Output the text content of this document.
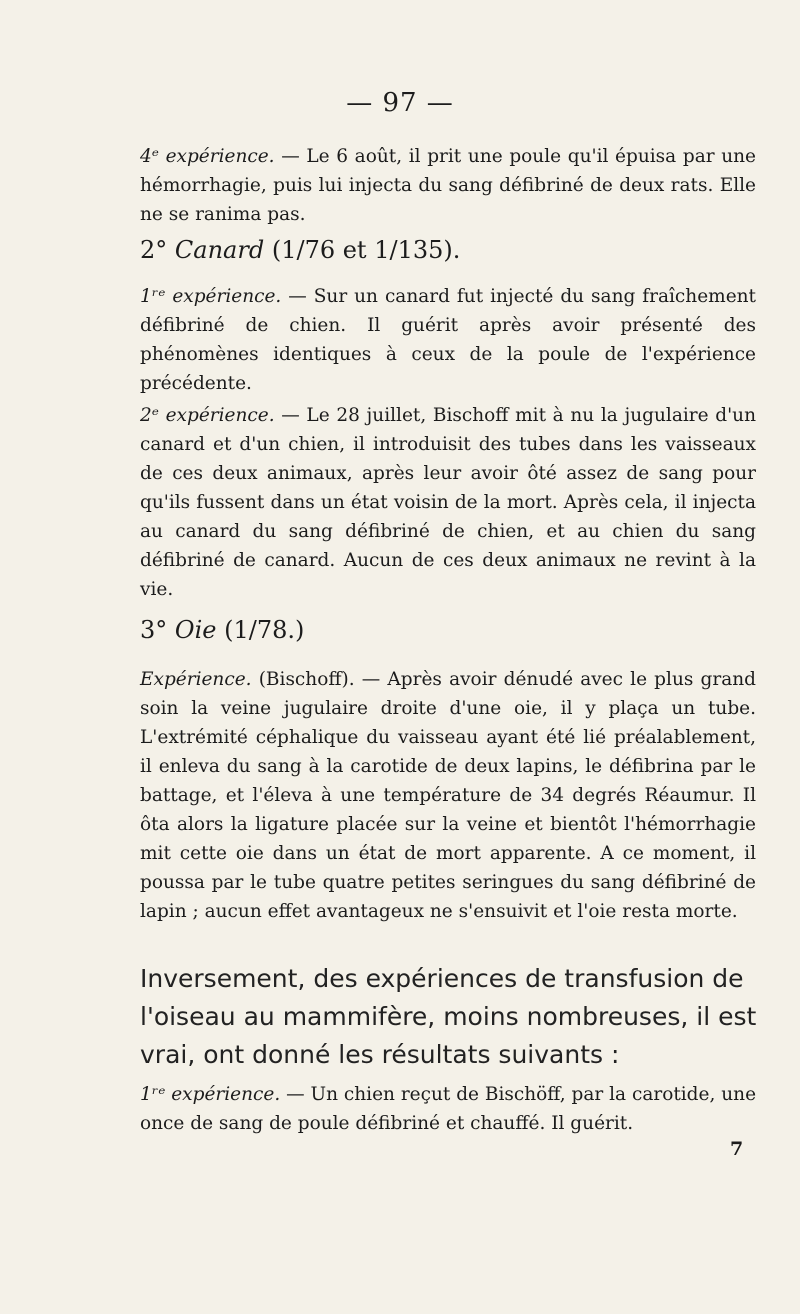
— 97 —

4ᵉ expérience. — Le 6 août, il prit une poule qu'il épuisa par une hémorrhagie, puis lui injecta du sang défibriné de deux rats. Elle ne se ranima pas.

2° Canard (1/76 et 1/135).

1ʳᵉ expérience. — Sur un canard fut injecté du sang fraîchement défibriné de chien. Il guérit après avoir présenté des phénomènes identiques à ceux de la poule de l'expérience précédente.

2ᵉ expérience. — Le 28 juillet, Bischoff mit à nu la jugulaire d'un canard et d'un chien, il introduisit des tubes dans les vaisseaux de ces deux animaux, après leur avoir ôté assez de sang pour qu'ils fussent dans un état voisin de la mort. Après cela, il injecta au canard du sang défibriné de chien, et au chien du sang défibriné de canard. Aucun de ces deux animaux ne revint à la vie.

3° Oie (1/78.)

Expérience. (Bischoff). — Après avoir dénudé avec le plus grand soin la veine jugulaire droite d'une oie, il y plaça un tube. L'extrémité céphalique du vaisseau ayant été lié préalablement, il enleva du sang à la carotide de deux lapins, le défibrina par le battage, et l'éleva à une température de 34 degrés Réaumur. Il ôta alors la ligature placée sur la veine et bientôt l'hémorrhagie mit cette oie dans un état de mort apparente. A ce moment, il poussa par le tube quatre petites seringues du sang défibriné de lapin ; aucun effet avantageux ne s'ensuivit et l'oie resta morte.

Inversement, des expériences de transfusion de l'oiseau au mammifère, moins nombreuses, il est vrai, ont donné les résultats suivants :

1ʳᵉ expérience. — Un chien reçut de Bischöff, par la carotide, une once de sang de poule défibriné et chauffé. Il guérit.

7
